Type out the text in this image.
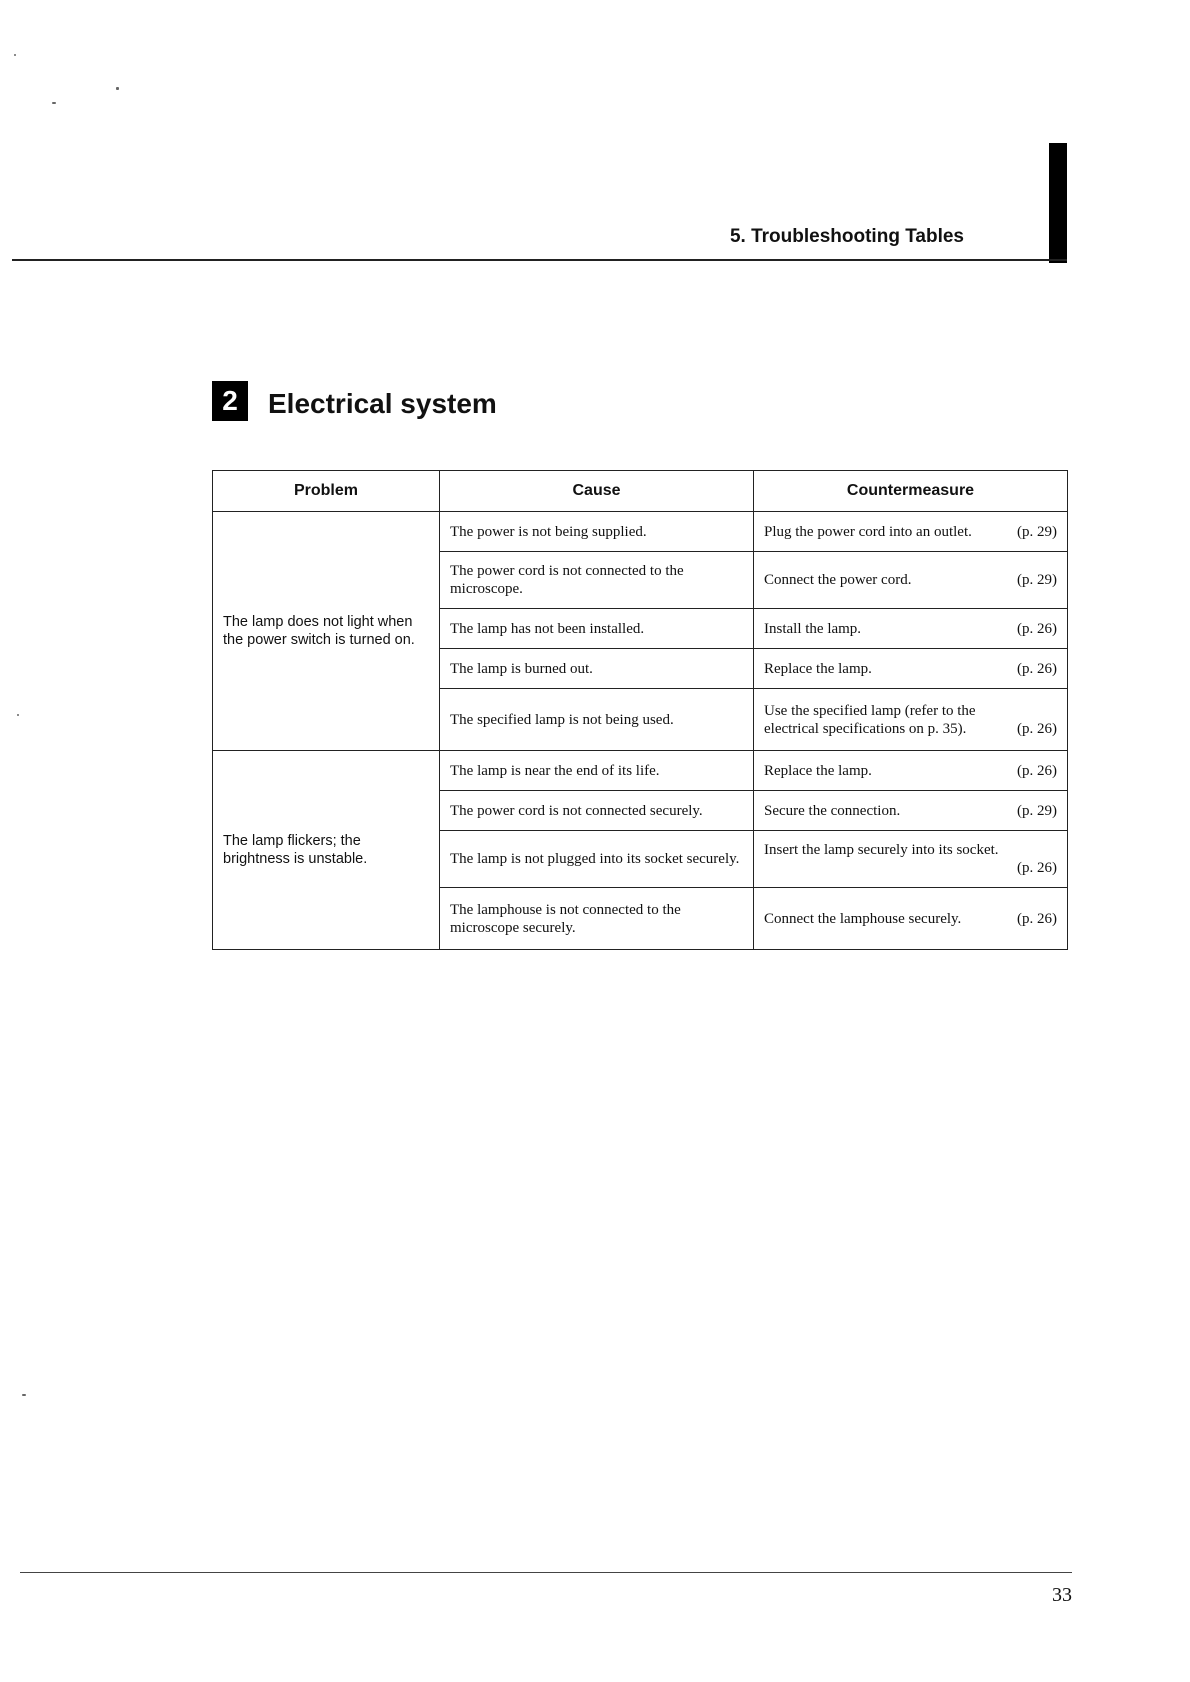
5. Troubleshooting Tables
2	Electrical system
Problem	Cause	Countermeasure
The lamp does not light when the power switch is turned on.	The power is not being supplied.	Plug the power cord into an outlet. (p. 29)

	The power cord is not connected to the microscope.	Connect the power cord. (p. 29)

	The lamp has not been installed.	Install the lamp. (p. 26)

	The lamp is burned out.	Replace the lamp. (p. 26)

	The specified lamp is not being used.	Use the specified lamp (refer to the electrical specifications on p. 35). (p. 26)

The lamp flickers; the brightness is unstable.	The lamp is near the end of its life.	Replace the lamp. (p. 26)

	The power cord is not connected securely.	Secure the connection. (p. 29)

	The lamp is not plugged into its socket securely.	Insert the lamp securely into its socket.
(p. 26)

	The lamphouse is not connected to the microscope securely.	Connect the lamphouse securely. (p. 26)
33
